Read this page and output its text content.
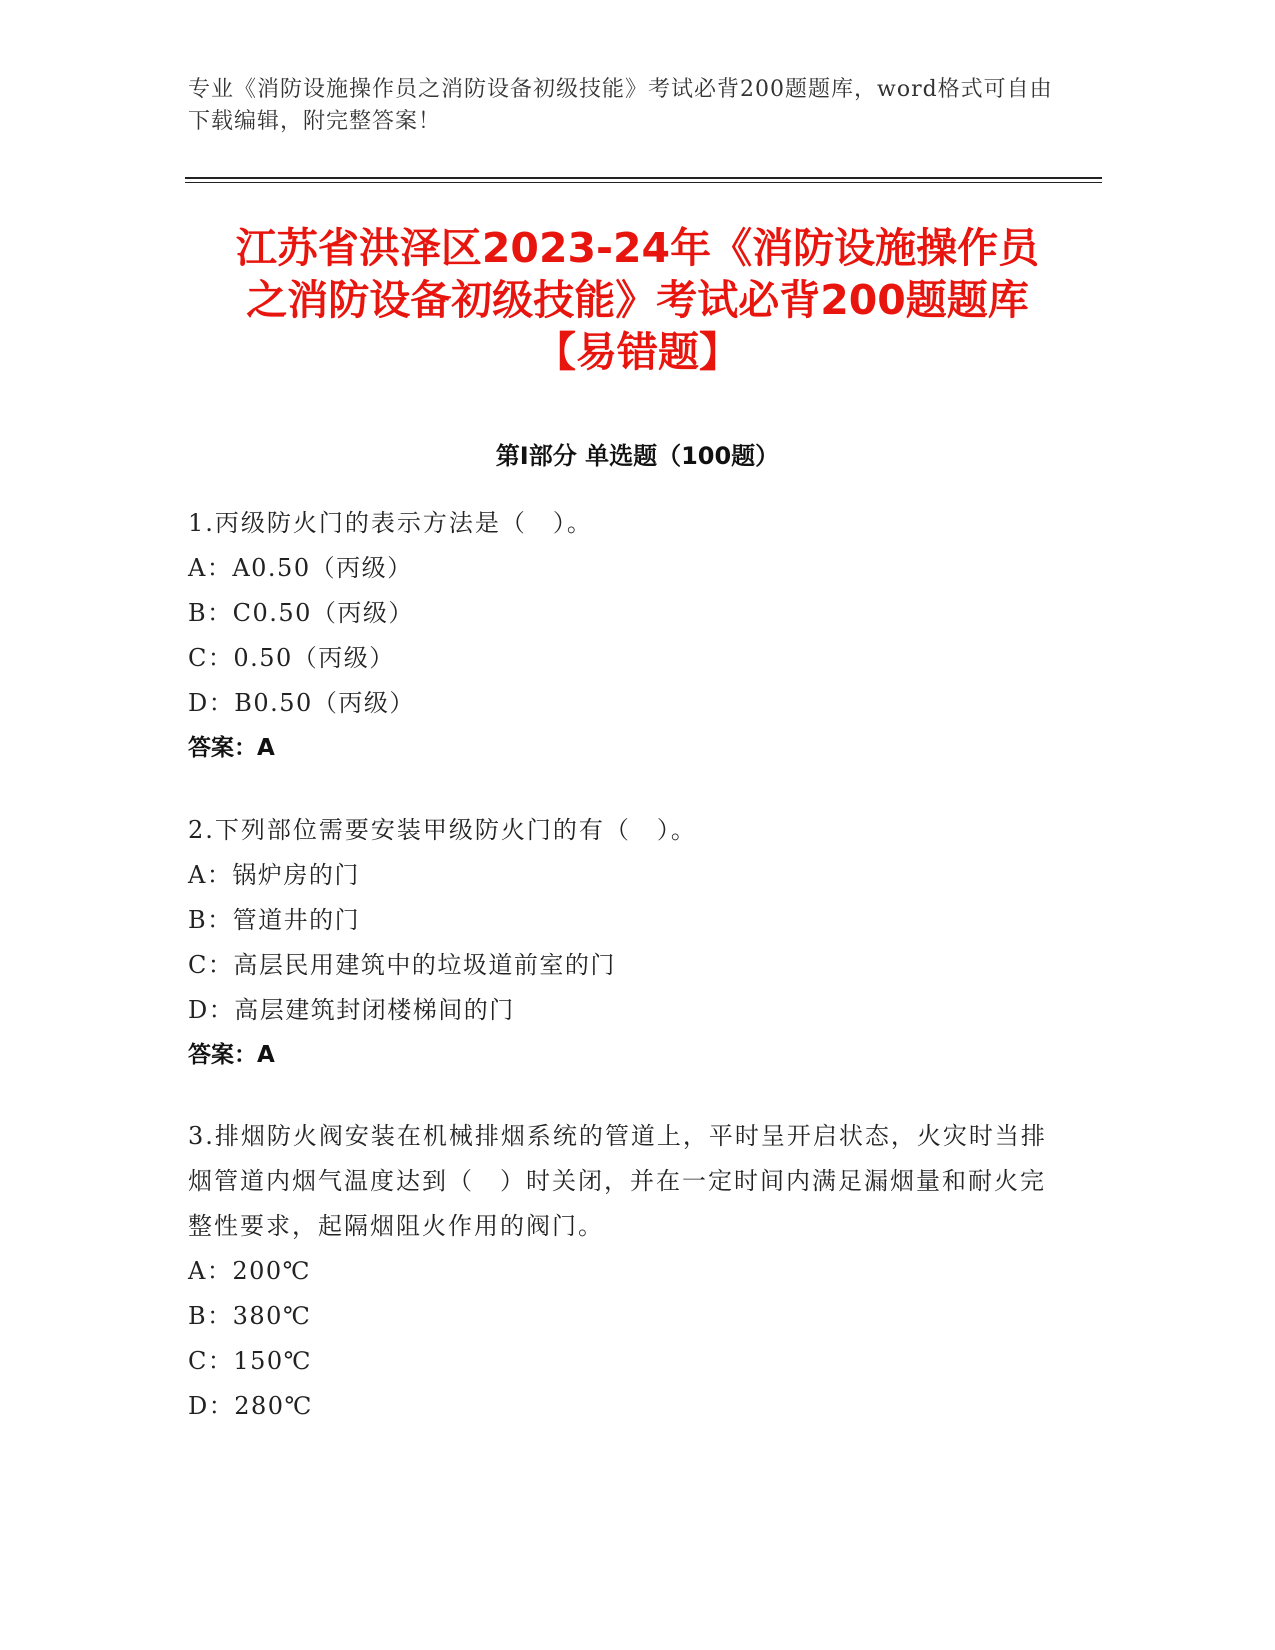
专业《消防设施操作员之消防设备初级技能》考试必背200题题库，word格式可自由下载编辑，附完整答案！
江苏省洪泽区2023-24年《消防设施操作员
之消防设备初级技能》考试必背200题题库
【易错题】
第Ⅰ部分 单选题（100题）

1.丙级防火门的表示方法是（　）。

A：A0.50（丙级）

B：C0.50（丙级）

C：0.50（丙级）

D：B0.50（丙级）

答案：A

2.下列部位需要安装甲级防火门的有（　）。

A：锅炉房的门

B：管道井的门

C：高层民用建筑中的垃圾道前室的门

D：高层建筑封闭楼梯间的门

答案：A

3.排烟防火阀安装在机械排烟系统的管道上，平时呈开启状态，火灾时当排烟管道内烟气温度达到（　）时关闭，并在一定时间内满足漏烟量和耐火完整性要求，起隔烟阻火作用的阀门。

A：200℃

B：380℃

C：150℃

D：280℃
